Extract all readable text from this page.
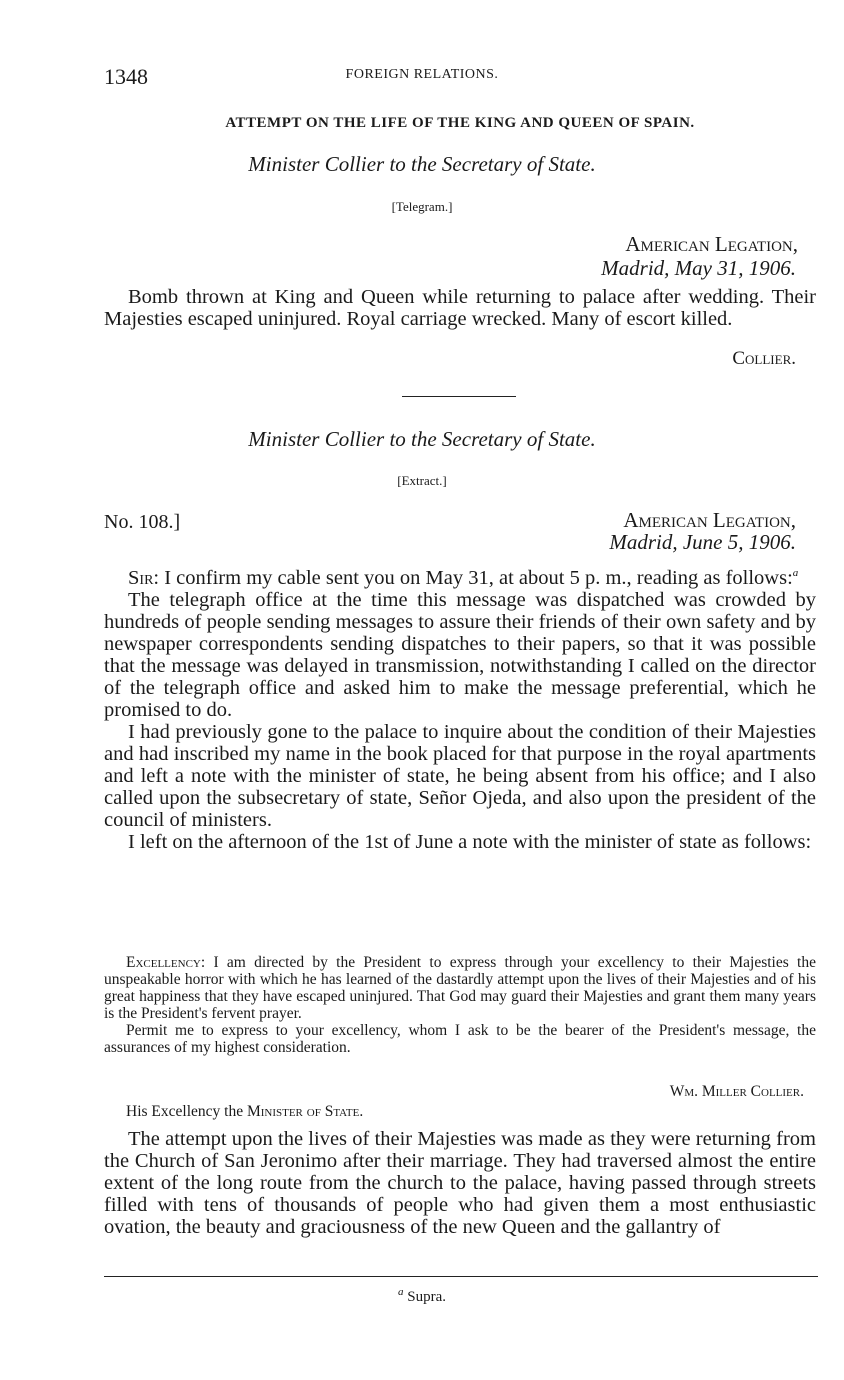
1348	FOREIGN RELATIONS.
ATTEMPT ON THE LIFE OF THE KING AND QUEEN OF SPAIN.
Minister Collier to the Secretary of State.
[Telegram.]
American Legation,
Madrid, May 31, 1906.

Bomb thrown at King and Queen while returning to palace after wedding. Their Majesties escaped uninjured. Royal carriage wrecked. Many of escort killed.

Collier.
Minister Collier to the Secretary of State.
[Extract.]
No. 108.]	American Legation,
Madrid, June 5, 1906.

Sir: I confirm my cable sent you on May 31, at about 5 p. m., reading as follows:$^a$

The telegraph office at the time this message was dispatched was crowded by hundreds of people sending messages to assure their friends of their own safety and by newspaper correspondents sending dispatches to their papers, so that it was possible that the message was delayed in transmission, notwithstanding I called on the director of the telegraph office and asked him to make the message preferential, which he promised to do.

I had previously gone to the palace to inquire about the condition of their Majesties and had inscribed my name in the book placed for that purpose in the royal apartments and left a note with the minister of state, he being absent from his office; and I also called upon the subsecretary of state, Señor Ojeda, and also upon the president of the council of ministers.

I left on the afternoon of the 1st of June a note with the minister of state as follows:

Excellency: I am directed by the President to express through your excellency to their Majesties the unspeakable horror with which he has learned of the dastardly attempt upon the lives of their Majesties and of his great happiness that they have escaped uninjured. That God may guard their Majesties and grant them many years is the President's fervent prayer.

Permit me to express to your excellency, whom I ask to be the bearer of the President's message, the assurances of my highest consideration.

Wm. Miller Collier.
His Excellency the Minister of State.

The attempt upon the lives of their Majesties was made as they were returning from the Church of San Jeronimo after their marriage. They had traversed almost the entire extent of the long route from the church to the palace, having passed through streets filled with tens of thousands of people who had given them a most enthusiastic ovation, the beauty and graciousness of the new Queen and the gallantry of

$^a$ Supra.
